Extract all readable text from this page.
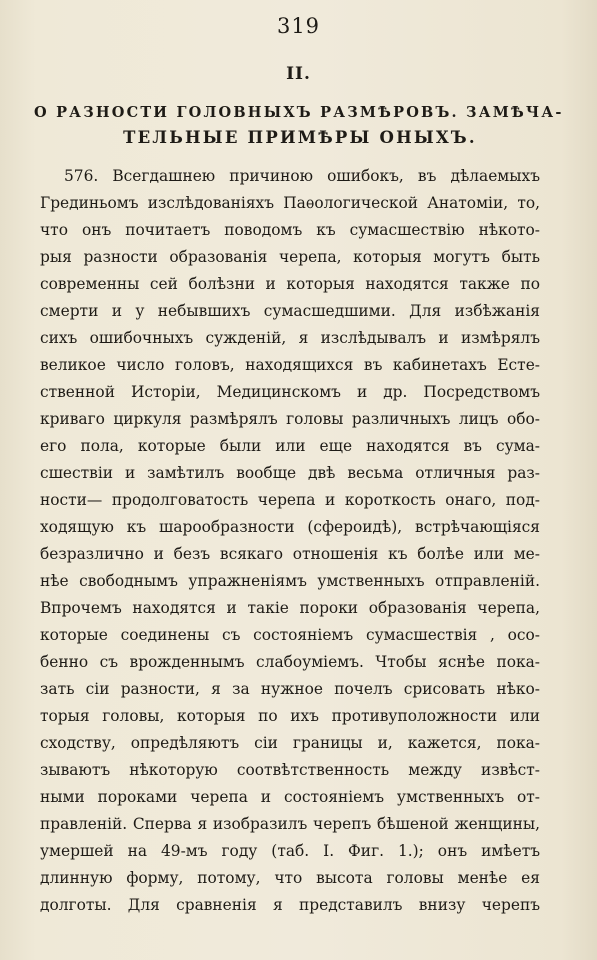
319
II.
О РАЗНОСТИ ГОЛОВНЫХЪ РАЗМѢРОВЪ. ЗАМѢЧА-
ТЕЛЬНЫЕ ПРИМѢРЫ ОНЫХЪ.
576. Всегдашнею причиною ошибокъ, въ дѣлаемыхъ
Грединьомъ изслѣдованіяхъ Паѳологической Анатоміи, то,
что онъ почитаетъ поводомъ къ сумасшествію нѣкото-
рыя разности образованія черепа, которыя могутъ быть
современны сей болѣзни и которыя находятся также по
смерти и у небывшихъ сумасшедшими. Для избѣжанія
сихъ ошибочныхъ сужденій, я изслѣдывалъ и измѣрялъ
великое число головъ, находящихся въ кабинетахъ Есте-
ственной Исторіи, Медицинскомъ и др. Посредствомъ
криваго циркуля размѣрялъ головы различныхъ лицъ обо-
его пола, которые были или еще находятся въ сума-
сшествіи и замѣтилъ вообще двѣ весьма отличныя раз-
ности— продолговатость черепа и короткость онаго, под-
ходящую къ шарообразности (сфероидѣ), встрѣчающіяся
безразлично и безъ всякаго отношенія къ болѣе или ме-
нѣе свободнымъ упражненіямъ умственныхъ отправленій.
Впрочемъ находятся и такіе пороки образованія черепа,
которые соединены съ состояніемъ сумасшествія , осо-
бенно съ врожденнымъ слабоуміемъ. Чтобы яснѣе пока-
зать сіи разности, я за нужное почелъ срисовать нѣко-
торыя головы, которыя по ихъ противуположности или
сходству, опредѣляютъ сіи границы и, кажется, пока-
зываютъ нѣкоторую соотвѣтственность между извѣст-
ными пороками черепа и состояніемъ умственныхъ от-
правленій. Сперва я изобразилъ черепъ бѣшеной женщины,
умершей на 49-мъ году (таб. I. Фиг. 1.); онъ имѣетъ
длинную форму, потому, что высота головы менѣе ея
долготы. Для сравненія я представилъ внизу черепъ
